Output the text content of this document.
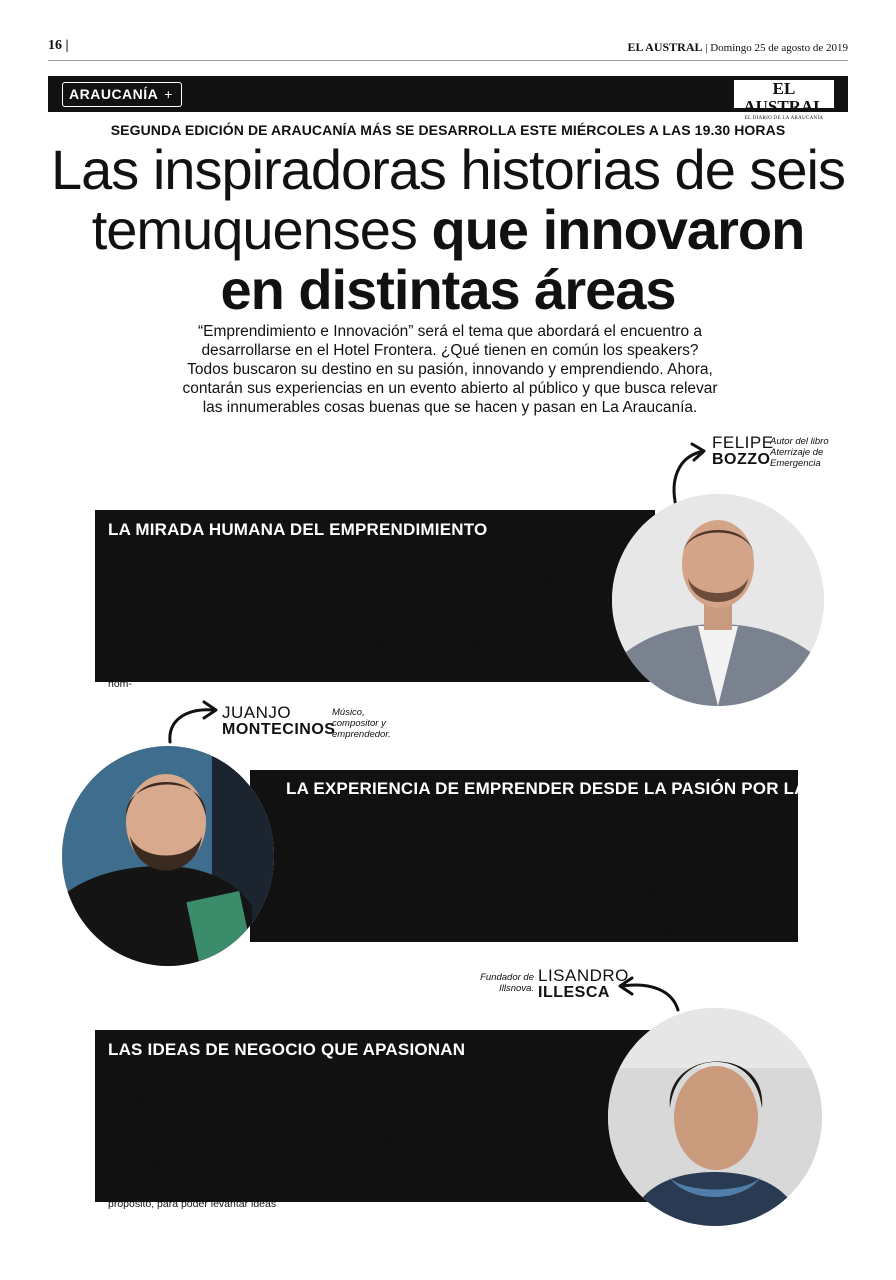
16 |	EL AUSTRAL | Domingo 25 de agosto de 2019
ARAUCANÍA +	EL AUSTRAL
EL DIARIO DE LA ARAUCANÍA
SEGUNDA EDICIÓN DE ARAUCANÍA MÁS SE DESARROLLA ESTE MIÉRCOLES A LAS 19.30 HORAS
Las inspiradoras historias de seis
temuquenses que innovaron
en distintas áreas
“Emprendimiento e Innovación” será el tema que abordará el encuentro a desarrollarse en el Hotel Frontera. ¿Qué tienen en común los speakers? Todos buscaron su destino en su pasión, innovando y emprendiendo. Ahora, contarán sus experiencias en un evento abierto al público y que busca relevar las innumerables cosas buenas que se hacen y pasan en La Araucanía.
FELIPE
BOZZO
Autor del libro Aterrizaje de Emergencia
LA MIRADA HUMANA DEL EMPRENDIMIENTO

“El emprendimiento nos permite poner a funcionar todas nuestras capacidades como región, que son enormes y es el único puente que nos permite salir de la situación de rezago económico y social, porque las políticas públicas por sí solas jamás lo conseguirán. Tenemos más de cincuenta mil estudiantes, multiculturalidad y un mega potencial turístico y hay que ponerlos a funcionar.

Creo que todos nos tenemos que hacer cargo de la parte del problema que recae sobre nuestros hom-

bros. Y yo como escritor y profesor de la Universidad Mayor, creo que debo ayudar a crear conciencia de la necesidad de cambio; por eso quise ser parte de Araucanía Más.

En esta instancia voy a dar una mirada humana al emprendimiento, conectándolo con la resiliencia, el dolor y el fracaso. Con gente normal, porque la capacidad de emprender es parte de nuestra naturaleza para superar la adversidad y no una habilidad de superhéroes”.

JUANJO
MONTECINOS
Músico, compositor y emprendedor.
LA EXPERIENCIA DE EMPRENDER DESDE LA PASIÓN POR LA MÚSICA

“Yo no vivo de la música, si no que vivo en la música. Con lo que quiero decir que desde que me dedico a esto en serio, siempre quise tomármelo como si fuera cualquier otra profesión, como una persona que va todos los días a una oficina, en la responsabilidad y rigurosidad con que trabajo.

Quise que fuera un oficio digno, que me permitiera vivir sin ningún tipo de precariedad y que a la vez me diera la oportunidad de darle trabajo a otras personas.

Participaré de Araucanía Más para dar a conocer cuáles han sido las fórmulas que he utilizado para hoy poder vivir de lo que realmente me apasiona y cómo he podido hacerlo desde Temuco sin la necesidad de irme a otra ciudad más ‘central’.

La música como emprendimiento tiene muchas historias y anécdotas, algunas de ellas para tocar, para grabar, hay muchas historias que es necesario contar acerca del camino que he recorrido como artista para hacer lo que hago”.

Fundador de Illsnova.
LISANDRO
ILLESCA
LAS IDEAS DE NEGOCIO QUE APASIONAN

“En Araucanía Más hablaré de la importancia de tener un propósito al momento de emprender, para conectarlo con cada una de las ideas de negocios que nosotros podamos estar levantando.

Me referiré a cómo se puede llegar a descubrir ese propósito cuando muchas veces nos encontramos con inconvenientes , pero al final siempre llegamos a un punto donde nos damos cuenta que la vida nos ha estado preparando para una cosa. Es importante conectarse con ese propósito, para poder levantar ideas

de negocios haciendo algo que de verdad nos guste, nos apasione y nos conecte.

Esta es la forma con la que hoy en día estamos articulando ideas de negocios, trabajando con más de 300 alumnos de tercero y cuarto medio de colegios de la Región y enseñándoles sobre este tipo de metodología, a identificar cuáles son las cosas que les encanta hacer, que les apasionan y los conectan para que ellos puedan tener ideas de negocios haciendo algo que de verdad disfruten”.
